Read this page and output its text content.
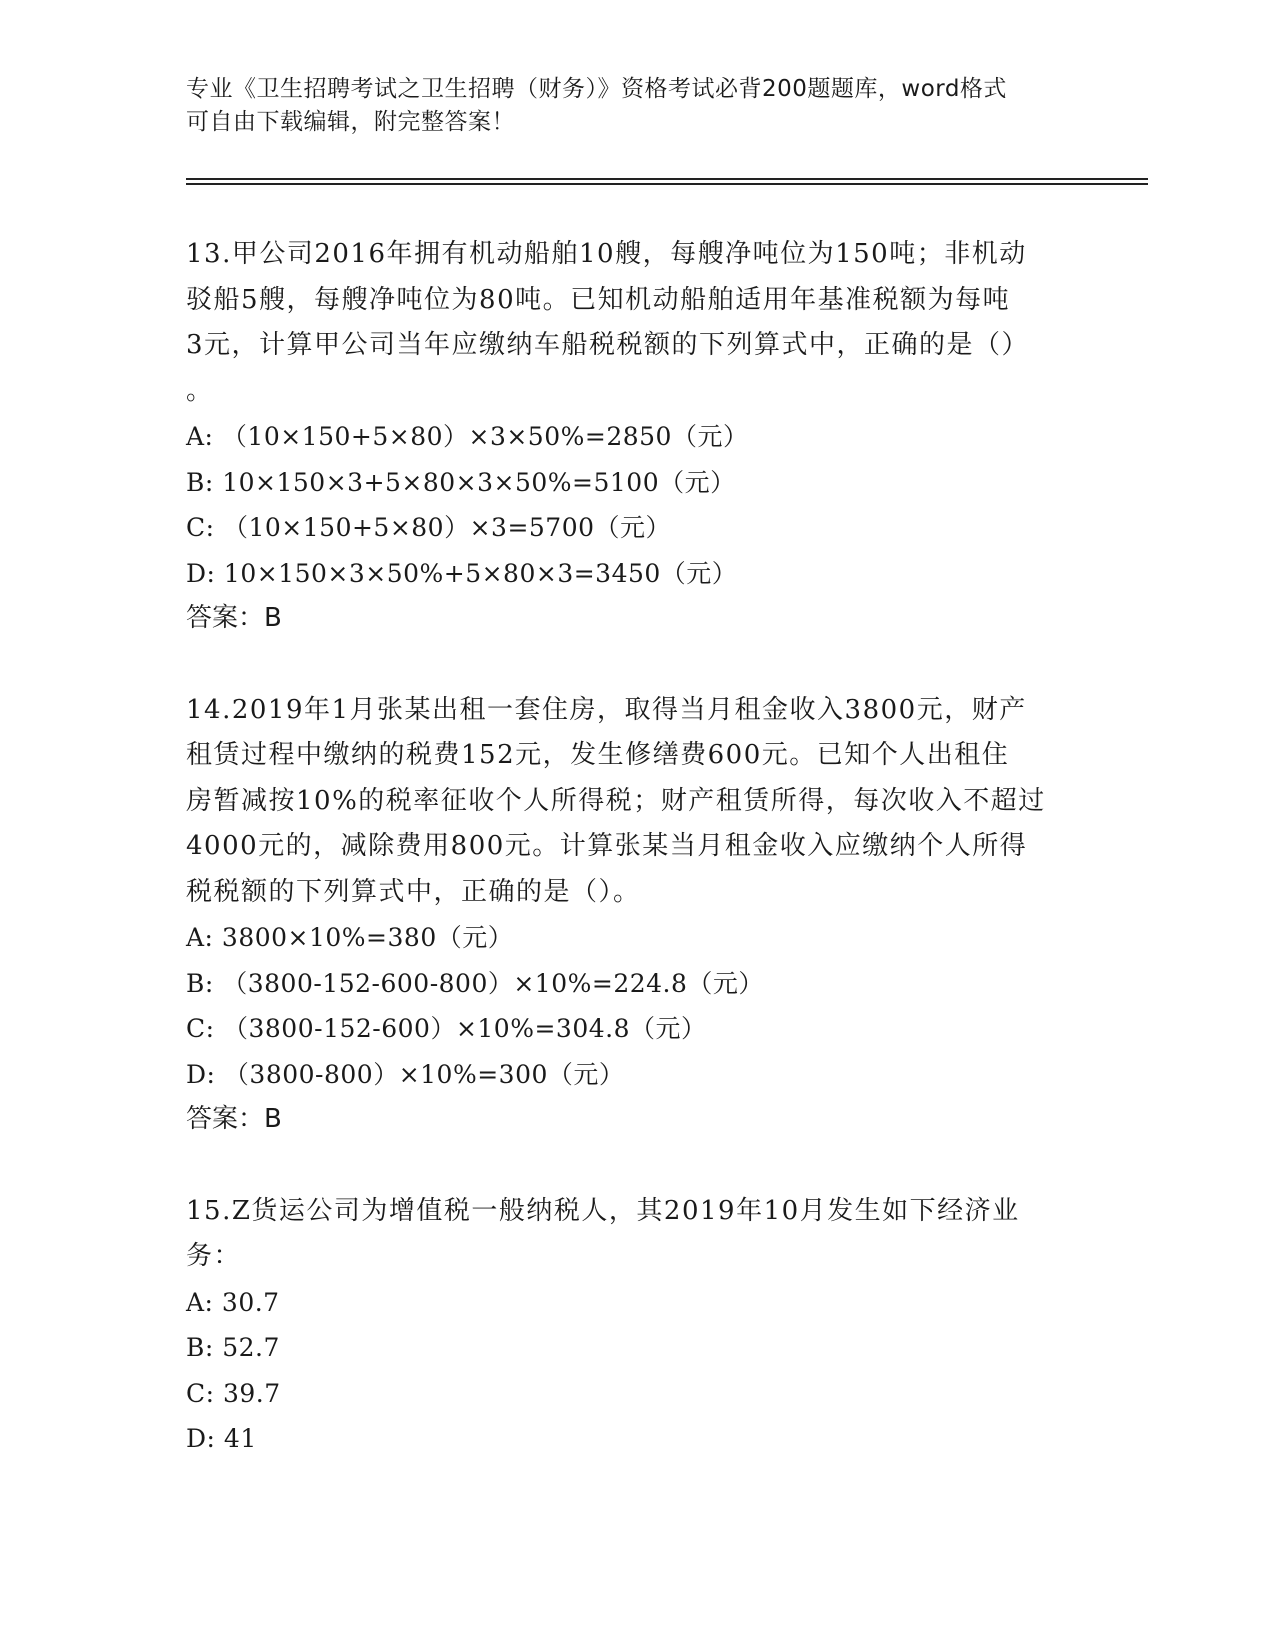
专业《卫生招聘考试之卫生招聘（财务）》资格考试必背200题题库，word格式

可自由下载编辑，附完整答案！

13.甲公司2016年拥有机动船舶10艘，每艘净吨位为150吨；非机动

驳船5艘，每艘净吨位为80吨。已知机动船舶适用年基准税额为每吨

3元，计算甲公司当年应缴纳车船税税额的下列算式中，正确的是（）

。

A: （10×150+5×80）×3×50%=2850（元）

B: 10×150×3+5×80×3×50%=5100（元）

C: （10×150+5×80）×3=5700（元）

D: 10×150×3×50%+5×80×3=3450（元）

答案：B

14.2019年1月张某出租一套住房，取得当月租金收入3800元，财产

租赁过程中缴纳的税费152元，发生修缮费600元。已知个人出租住

房暂减按10%的税率征收个人所得税；财产租赁所得，每次收入不超过

4000元的，减除费用800元。计算张某当月租金收入应缴纳个人所得

税税额的下列算式中，正确的是（）。

A: 3800×10%=380（元）

B: （3800-152-600-800）×10%=224.8（元）

C: （3800-152-600）×10%=304.8（元）

D: （3800-800）×10%=300（元）

答案：B

15.Z货运公司为增值税一般纳税人，其2019年10月发生如下经济业

务：

A: 30.7

B: 52.7

C: 39.7

D: 41
